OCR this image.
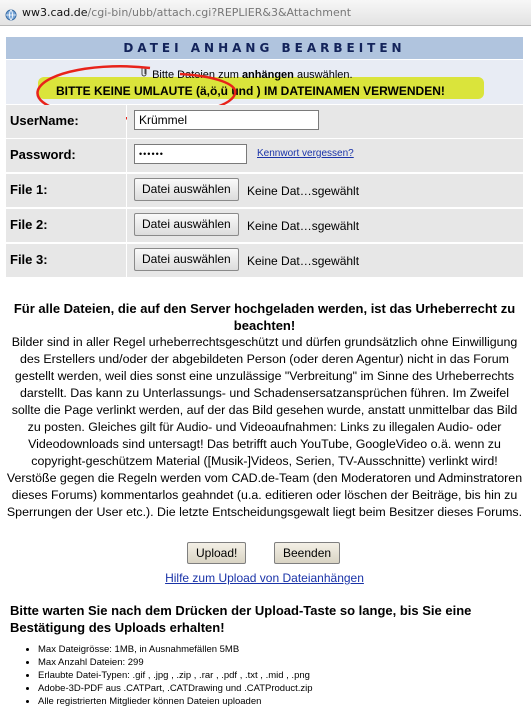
ww3.cad.de/cgi-bin/ubb/attach.cgi?REPLIER&3&Attachment
DATEI ANHANG BEARBEITEN
Bitte Dateien zum anhängen auswählen.
BITTE KEINE UMLAUTE (ä,ö,ü und ) IM DATEINAMEN VERWENDEN!
UserName:	Krümmel
Password:	••••••	Kennwort vergessen?
File 1:	Datei auswählen	Keine Dat…sgewählt
File 2:	Datei auswählen	Keine Dat…sgewählt
File 3:	Datei auswählen	Keine Dat…sgewählt
Für alle Dateien, die auf den Server hochgeladen werden, ist das Urheberrecht zu beachten!
Bilder sind in aller Regel urheberrechtsgeschützt und dürfen grundsätzlich ohne Einwilligung des Erstellers und/oder der abgebildeten Person (oder deren Agentur) nicht in das Forum gestellt werden, weil dies sonst eine unzulässige "Verbreitung" im Sinne des Urheberrechts darstellt. Das kann zu Unterlassungs- und Schadensersatzansprüchen führen. Im Zweifel sollte die Page verlinkt werden, auf der das Bild gesehen wurde, anstatt unmittelbar das Bild zu posten. Gleiches gilt für Audio- und Videoaufnahmen: Links zu illegalen Audio- oder Videodownloads sind untersagt! Das betrifft auch YouTube, GoogleVideo o.ä. wenn zu copyright-geschützem Material ([Musik-]Videos, Serien, TV-Ausschnitte) verlinkt wird! Verstöße gegen die Regeln werden vom CAD.de-Team (den Moderatoren und Adminstratoren dieses Forums) kommentarlos geahndet (u.a. editieren oder löschen der Beiträge, bis hin zu Sperrungen der User etc.). Die letzte Entscheidungsgewalt liegt beim Besitzer dieses Forums.
Upload!	Beenden
Hilfe zum Upload von Dateianhängen
Bitte warten Sie nach dem Drücken der Upload-Taste so lange, bis Sie eine Bestätigung des Uploads erhalten!
• Max Dateigrösse: 1MB, in Ausnahmefällen 5MB
• Max Anzahl Dateien: 299
• Erlaubte Datei-Typen: .gif , .jpg , .zip , .rar , .pdf , .txt , .mid , .png
• Adobe-3D-PDF aus .CATPart, .CATDrawing und .CATProduct.zip
• Alle registrierten Mitglieder können Dateien uploaden
